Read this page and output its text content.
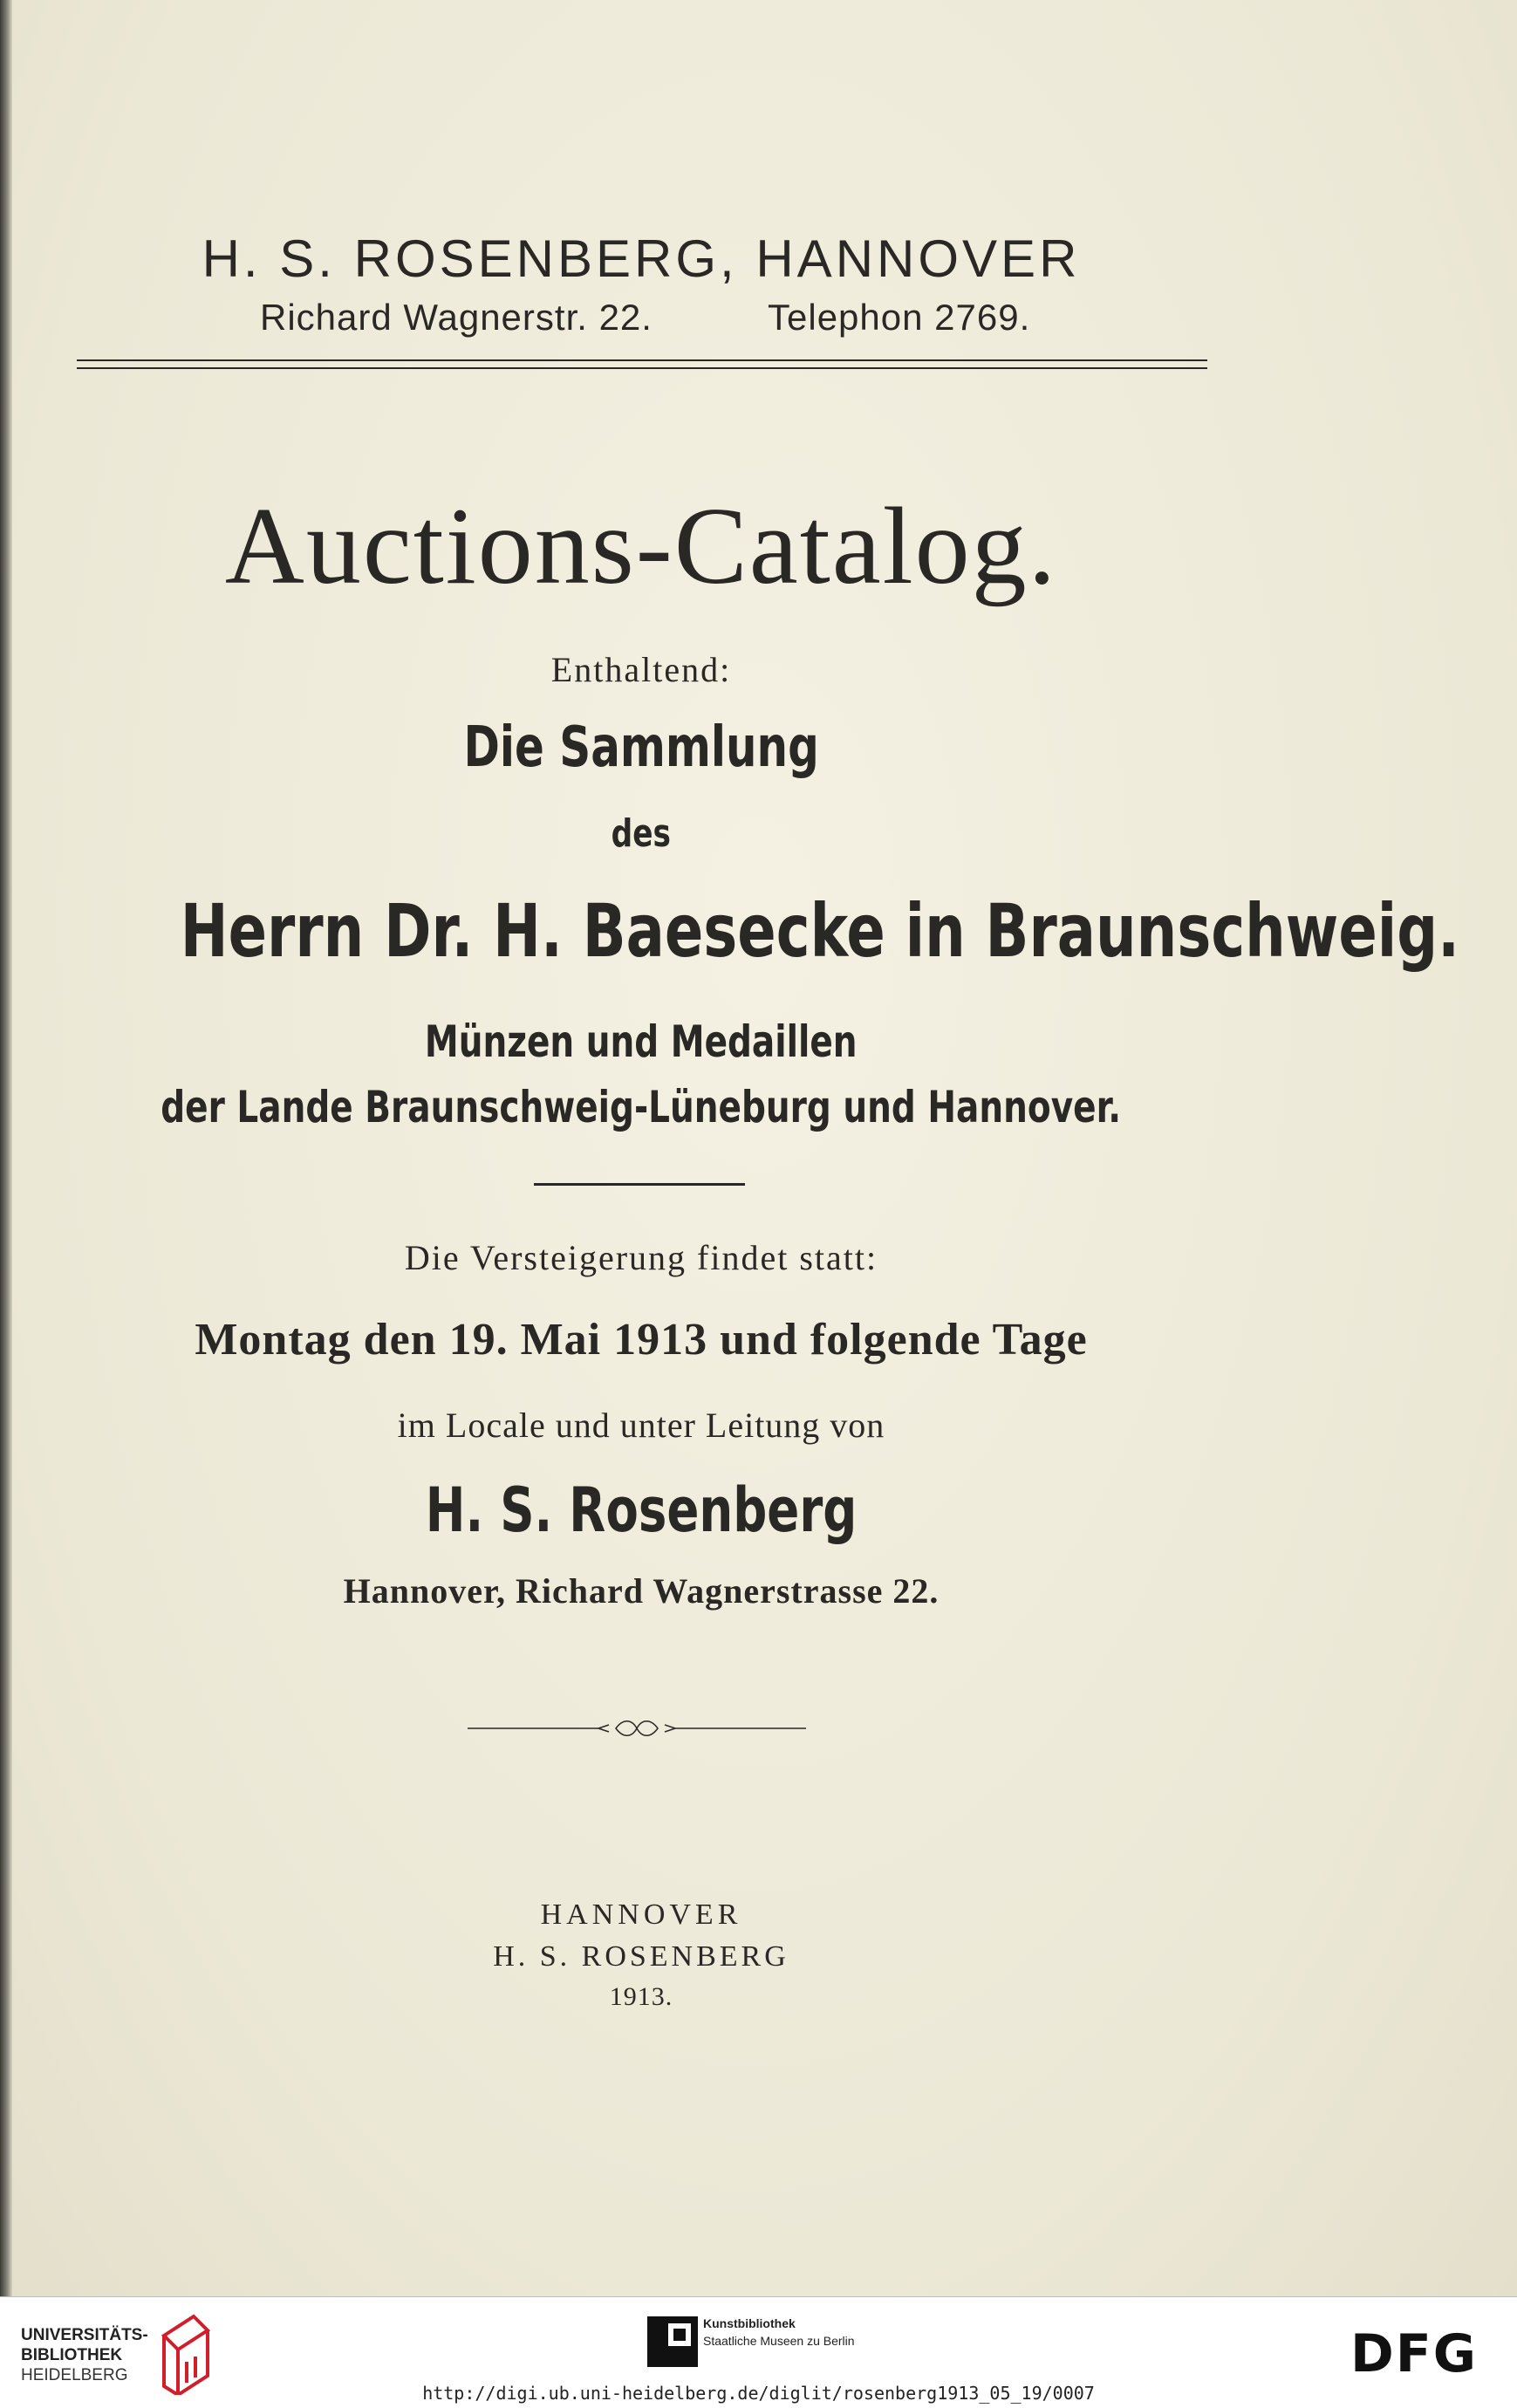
H. S. ROSENBERG, HANNOVER
Richard Wagnerstr. 22.	Telephon 2769.
Auctions-Catalog.
Enthaltend:
Die Sammlung
des
Herrn Dr. H. Baesecke in Braunschweig.
Münzen und Medaillen
der Lande Braunschweig-Lüneburg und Hannover.
Die Versteigerung findet statt:
Montag den 19. Mai 1913 und folgende Tage
im Locale und unter Leitung von
H. S. Rosenberg
Hannover, Richard Wagnerstrasse 22.
HANNOVER
H. S. ROSENBERG
1913.
UNIVERSITÄTS-
BIBLIOTHEK
HEIDELBERG
Kunstbibliothek
Staatliche Museen zu Berlin	DFG
http://digi.ub.uni-heidelberg.de/diglit/rosenberg1913_05_19/0007
